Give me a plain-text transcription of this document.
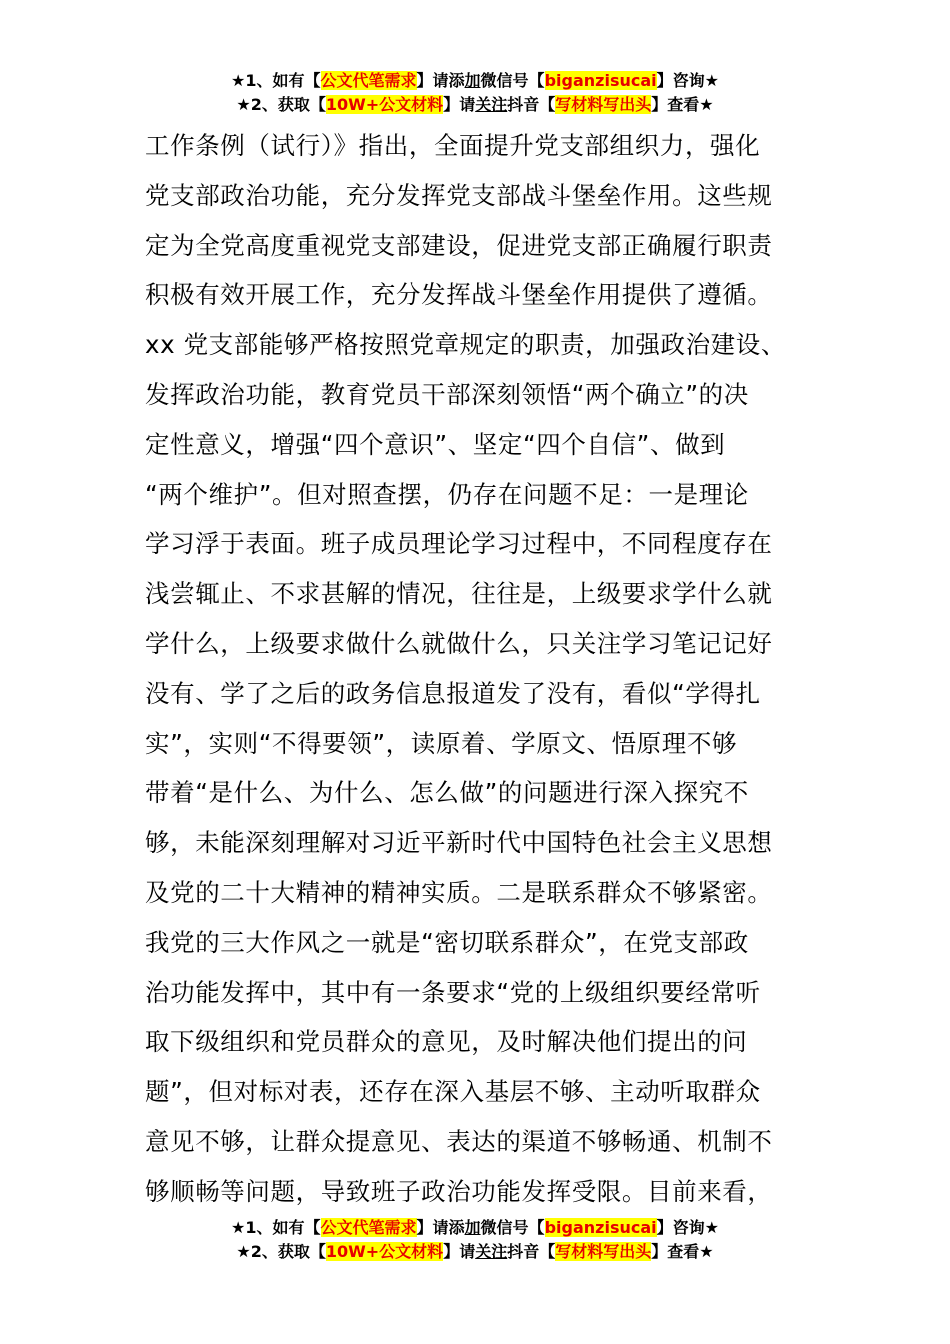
★1、如有【公文代笔需求】请添加微信号【biganzisucai】咨询★
★2、获取【10W+公文材料】请关注抖音【写材料写出头】查看★
工作条例（试行）》指出，全面提升党支部组织力，强化
党支部政治功能，充分发挥党支部战斗堡垒作用。这些规
定为全党高度重视党支部建设，促进党支部正确履行职责
积极有效开展工作，充分发挥战斗堡垒作用提供了遵循。
xx 党支部能够严格按照党章规定的职责，加强政治建设、
发挥政治功能，教育党员干部深刻领悟“两个确立”的决
定性意义，增强“四个意识”、坚定“四个自信”、做到
“两个维护”。但对照查摆，仍存在问题不足：一是理论
学习浮于表面。班子成员理论学习过程中，不同程度存在
浅尝辄止、不求甚解的情况，往往是，上级要求学什么就
学什么，上级要求做什么就做什么，只关注学习笔记记好
没有、学了之后的政务信息报道发了没有，看似“学得扎
实”，实则“不得要领”，读原着、学原文、悟原理不够
带着“是什么、为什么、怎么做”的问题进行深入探究不
够，未能深刻理解对习近平新时代中国特色社会主义思想
及党的二十大精神的精神实质。二是联系群众不够紧密。
我党的三大作风之一就是“密切联系群众”，在党支部政
治功能发挥中，其中有一条要求“党的上级组织要经常听
取下级组织和党员群众的意见，及时解决他们提出的问
题”，但对标对表，还存在深入基层不够、主动听取群众
意见不够，让群众提意见、表达的渠道不够畅通、机制不
够顺畅等问题，导致班子政治功能发挥受限。目前来看，
★1、如有【公文代笔需求】请添加微信号【biganzisucai】咨询★
★2、获取【10W+公文材料】请关注抖音【写材料写出头】查看★
